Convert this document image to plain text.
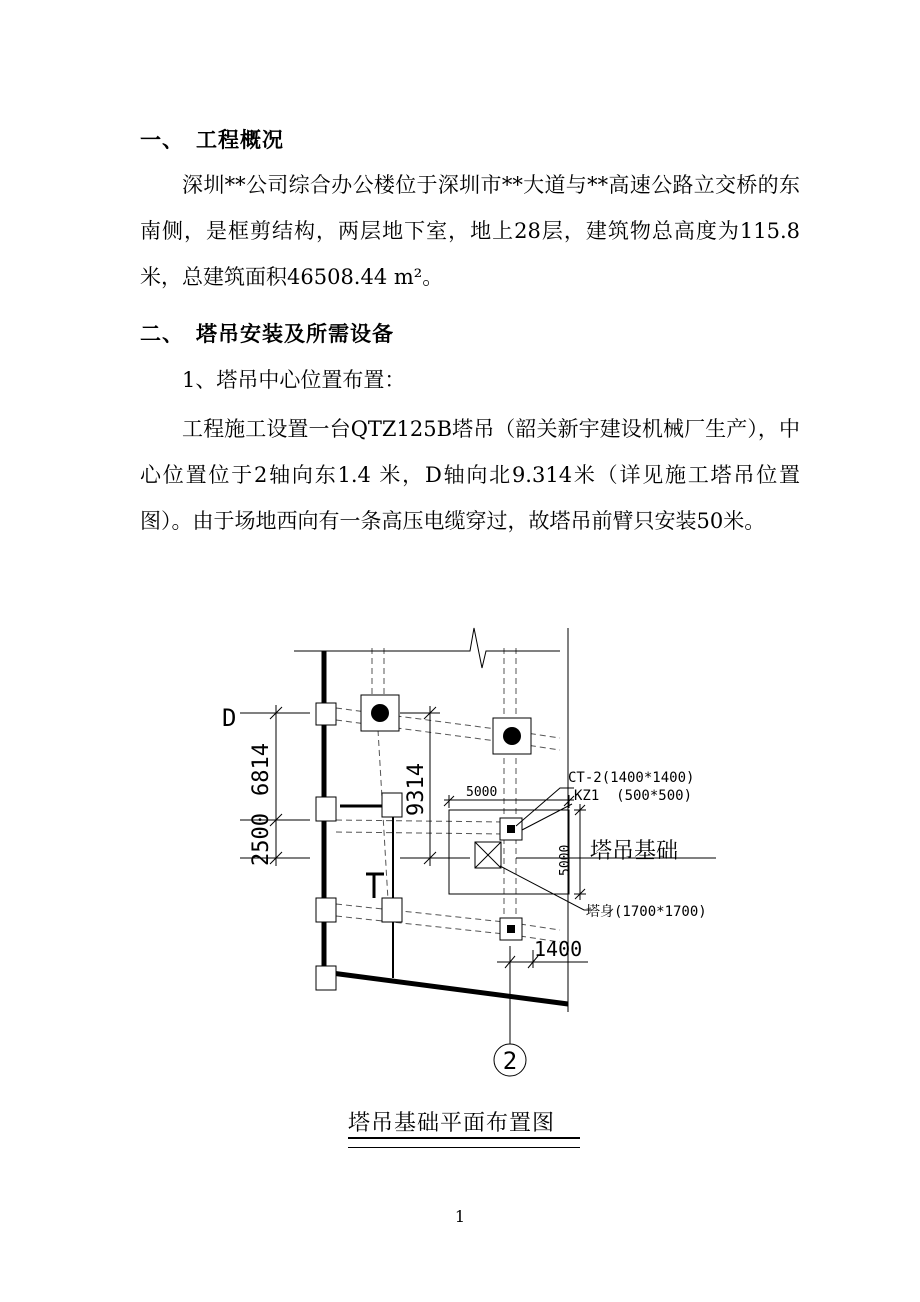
一、 工程概况
深圳**公司综合办公楼位于深圳市**大道与**高速公路立交桥的东南侧，是框剪结构，两层地下室，地上28层，建筑物总高度为115.8米，总建筑面积46508.44 m²。
二、 塔吊安装及所需设备
1、塔吊中心位置布置：
工程施工设置一台QTZ125B塔吊（韶关新宇建设机械厂生产），中心位置位于2轴向东1.4 米，D轴向北9.314米（详见施工塔吊位置图）。由于场地西向有一条高压电缆穿过，故塔吊前臂只安装50米。
D
2
6814
2500
9314	5000
5000
1400
CT-2(1400*1400)
KZ1  (500*500)
塔吊基础
塔身(1700*1700)
塔吊基础平面布置图
1
